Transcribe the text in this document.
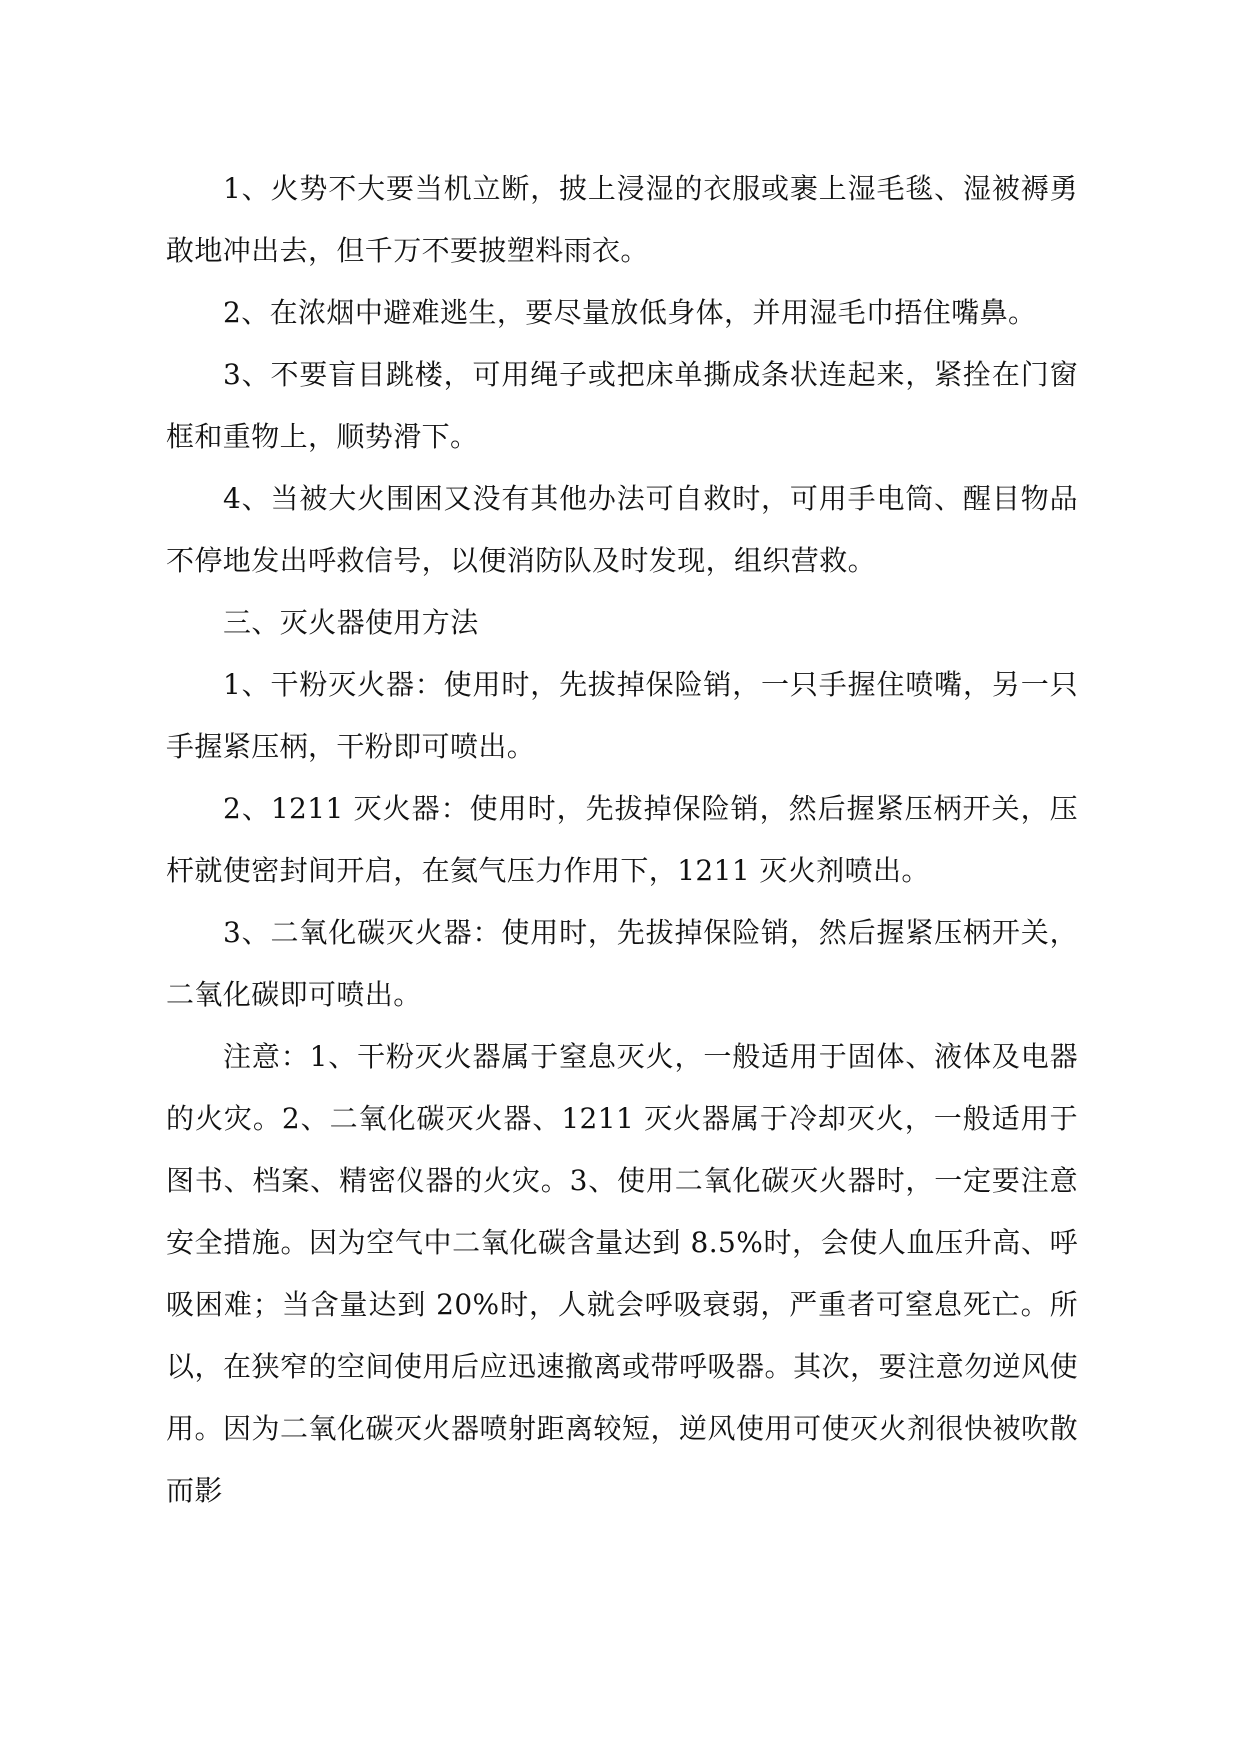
1、火势不大要当机立断，披上浸湿的衣服或裹上湿毛毯、湿被褥勇敢地冲出去，但千万不要披塑料雨衣。

2、在浓烟中避难逃生，要尽量放低身体，并用湿毛巾捂住嘴鼻。

3、不要盲目跳楼，可用绳子或把床单撕成条状连起来，紧拴在门窗框和重物上，顺势滑下。

4、当被大火围困又没有其他办法可自救时，可用手电筒、醒目物品不停地发出呼救信号，以便消防队及时发现，组织营救。

三、灭火器使用方法

1、干粉灭火器：使用时，先拔掉保险销，一只手握住喷嘴，另一只手握紧压柄，干粉即可喷出。

2、1211 灭火器：使用时，先拔掉保险销，然后握紧压柄开关，压杆就使密封间开启，在氦气压力作用下，1211 灭火剂喷出。

3、二氧化碳灭火器：使用时，先拔掉保险销，然后握紧压柄开关，二氧化碳即可喷出。

注意：1、干粉灭火器属于窒息灭火，一般适用于固体、液体及电器的火灾。2、二氧化碳灭火器、1211 灭火器属于冷却灭火，一般适用于图书、档案、精密仪器的火灾。3、使用二氧化碳灭火器时，一定要注意安全措施。因为空气中二氧化碳含量达到 8.5%时，会使人血压升高、呼吸困难；当含量达到 20%时，人就会呼吸衰弱，严重者可窒息死亡。所以，在狭窄的空间使用后应迅速撤离或带呼吸器。其次，要注意勿逆风使用。因为二氧化碳灭火器喷射距离较短，逆风使用可使灭火剂很快被吹散而影
